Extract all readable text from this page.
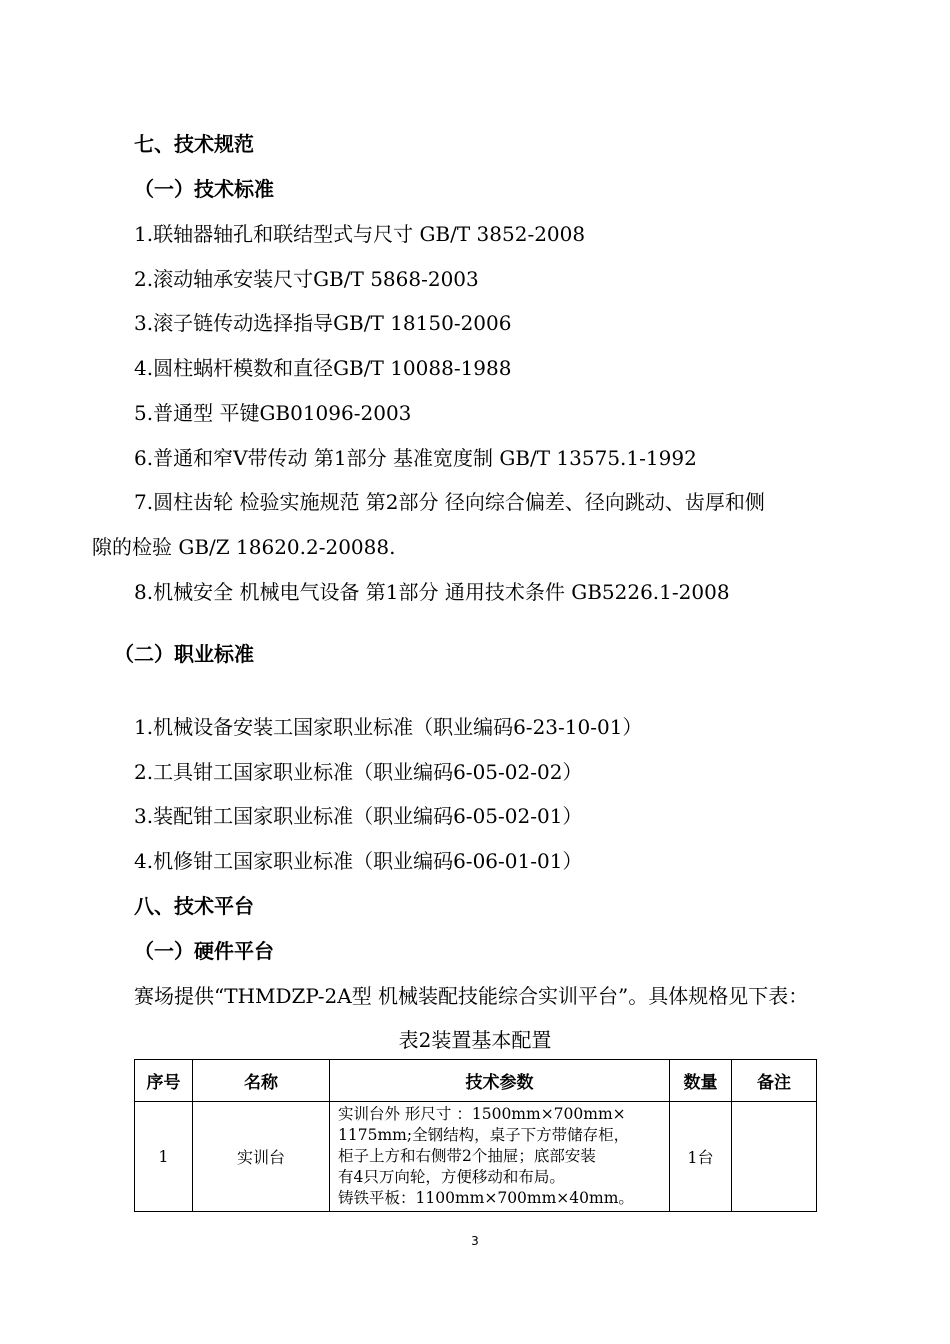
七、技术规范
（一）技术标准
1.联轴器轴孔和联结型式与尺寸 GB/T 3852-2008
2.滚动轴承安装尺寸GB/T 5868-2003
3.滚子链传动选择指导GB/T 18150-2006
4.圆柱蜗杆模数和直径GB/T 10088-1988
5.普通型 平键GB01096-2003
6.普通和窄V带传动 第1部分 基准宽度制 GB/T 13575.1-1992
7.圆柱齿轮 检验实施规范 第2部分 径向综合偏差、径向跳动、齿厚和侧
隙的检验 GB/Z 18620.2-20088.
8.机械安全 机械电气设备 第1部分 通用技术条件 GB5226.1-2008
（二）职业标准
1.机械设备安装工国家职业标准（职业编码6-23-10-01）
2.工具钳工国家职业标准（职业编码6-05-02-02）
3.装配钳工国家职业标准（职业编码6-05-02-01）
4.机修钳工国家职业标准（职业编码6-06-01-01）
八、技术平台
（一）硬件平台
赛场提供“THMDZP-2A型 机械装配技能综合实训平台”。具体规格见下表：
表2装置基本配置
序号	名称	技术参数	数量	备注
1	实训台	实训台外 形尺寸 ：1500mm×700mm×
1175mm;全钢结构，桌子下方带储存柜，
柜子上方和右侧带2个抽屉；底部安装
有4只万向轮，方便移动和布局。
铸铁平板：1100mm×700mm×40mm。	1台	
3
